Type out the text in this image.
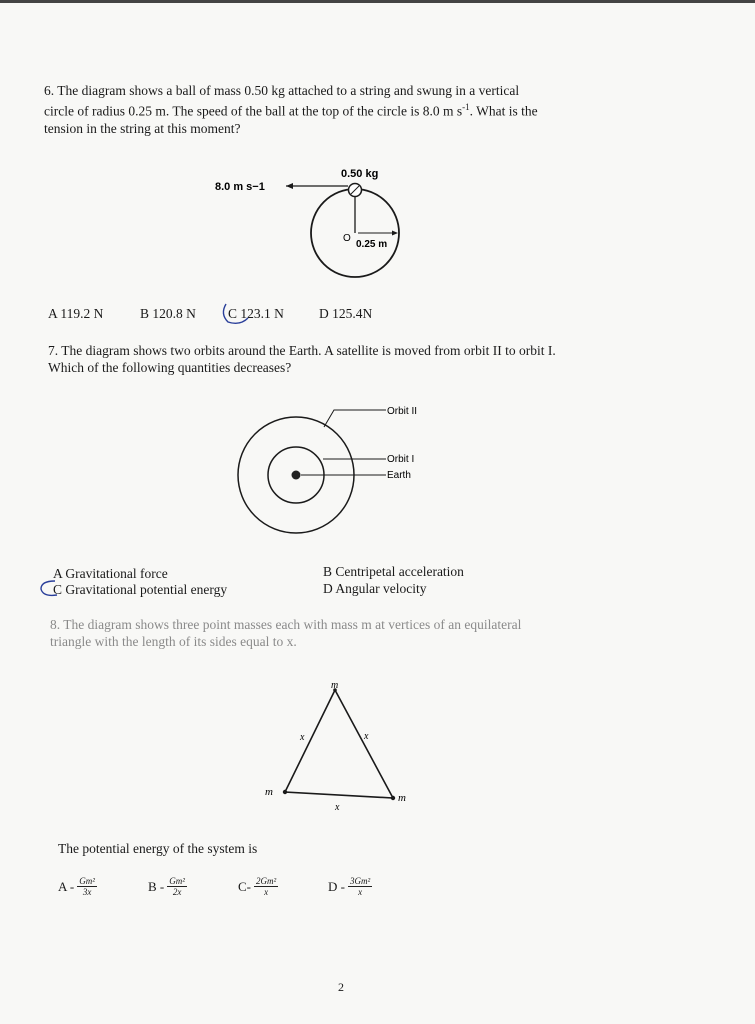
6. The diagram shows a ball of mass 0.50 kg attached to a string and swung in a vertical
circle of radius 0.25 m. The speed of the ball at the top of the circle is 8.0 m $s^{-1}$. What is the
tension in the string at this moment?
0.50 kg
8.0 m s−1
O
0.25 m
A 119.2 N	B 120.8 N C 123.1 N	D 125.4N
7. The diagram shows two orbits around the Earth. A satellite is moved from orbit II to orbit I.
Which of the following quantities decreases?
Orbit II
Orbit I
Earth
A Gravitational force	B Centripetal acceleration
C Gravitational potential energy	D Angular velocity
8. The diagram shows three point masses each with mass m at vertices of an equilateral
triangle with the length of its sides equal to x.
m
m	m
x	x
x
The potential energy of the system is
A - $\frac{\text{Gm²}}{3x}$	B - $\frac{\text{Gm²}}{2x}$	$C- \frac{\text{2Gm²}}{x}$	D - $\frac{\text{3Gm²}}{x}$
2
